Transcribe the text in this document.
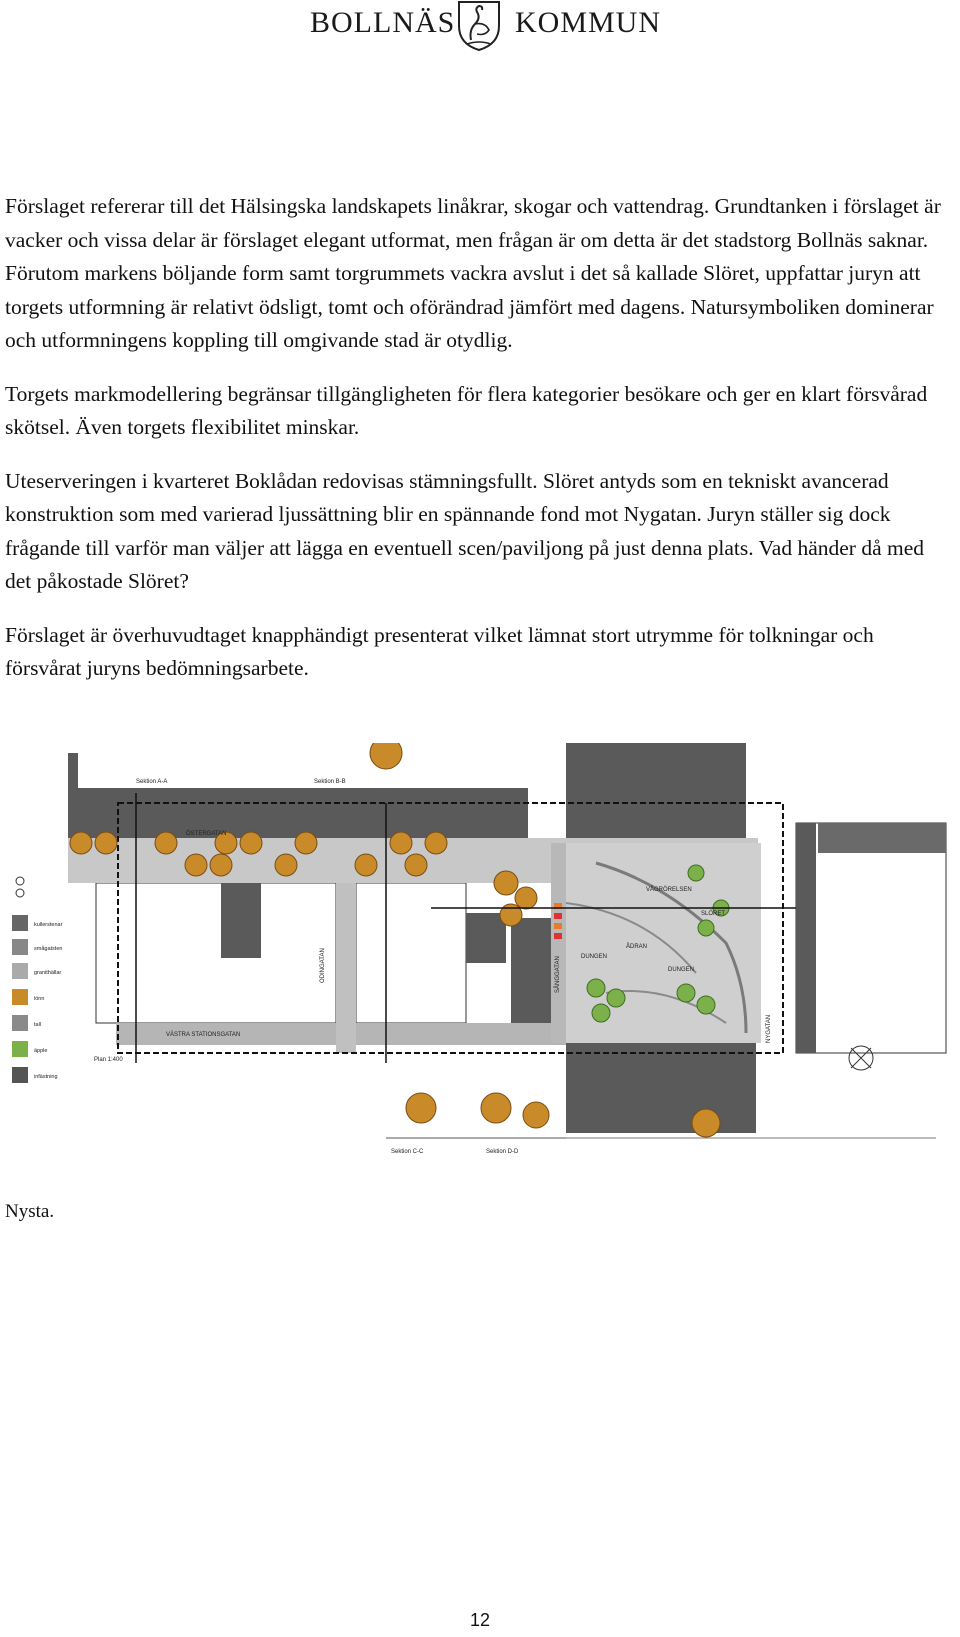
BOLLNÄS KOMMUN

Förslaget refererar till det Hälsingska landskapets linåkrar, skogar och vattendrag. Grundtanken i förslaget är vacker och vissa delar är förslaget elegant utformat, men frågan är om detta är det stadstorg Bollnäs saknar. Förutom markens böljande form samt torgrummets vackra avslut i det så kallade Slöret, uppfattar juryn att torgets utformning är relativt ödsligt, tomt och oförändrad jämfört med dagens. Natursymboliken dominerar och utformningens koppling till omgivande stad är otydlig.

Torgets markmodellering begränsar tillgängligheten för flera kategorier besökare och ger en klart försvårad skötsel. Även torgets flexibilitet minskar.

Uteserveringen i kvarteret Boklådan redovisas stämningsfullt. Slöret antyds som en tekniskt avancerad konstruktion som med varierad ljussättning blir en spännande fond mot Nygatan. Juryn ställer sig dock frågande till varför man väljer att lägga en eventuell scen/paviljong på just denna plats. Vad händer då med det påkostade Slöret?

Förslaget är överhuvudtaget knapphändigt presenterat vilket lämnat stort utrymme för tolkningar och försvårat juryns bedömningsarbete.

ÖSTERGATAN
ODINGATAN	SÅNGGATAN
NYGATAN
VÄSTRA STATIONSGATAN
VÅGRÖRELSEN
SLÖRET
ÅDRAN
DUNGEN
DUNGEN
Plan 1:400
Sektion A-A	Sektion B-B
Sektion C-C	Sektion D-D
kullerstenar
smågatsten
granithällar
lönn
tall
äpple
infästning
Nysta.
12
